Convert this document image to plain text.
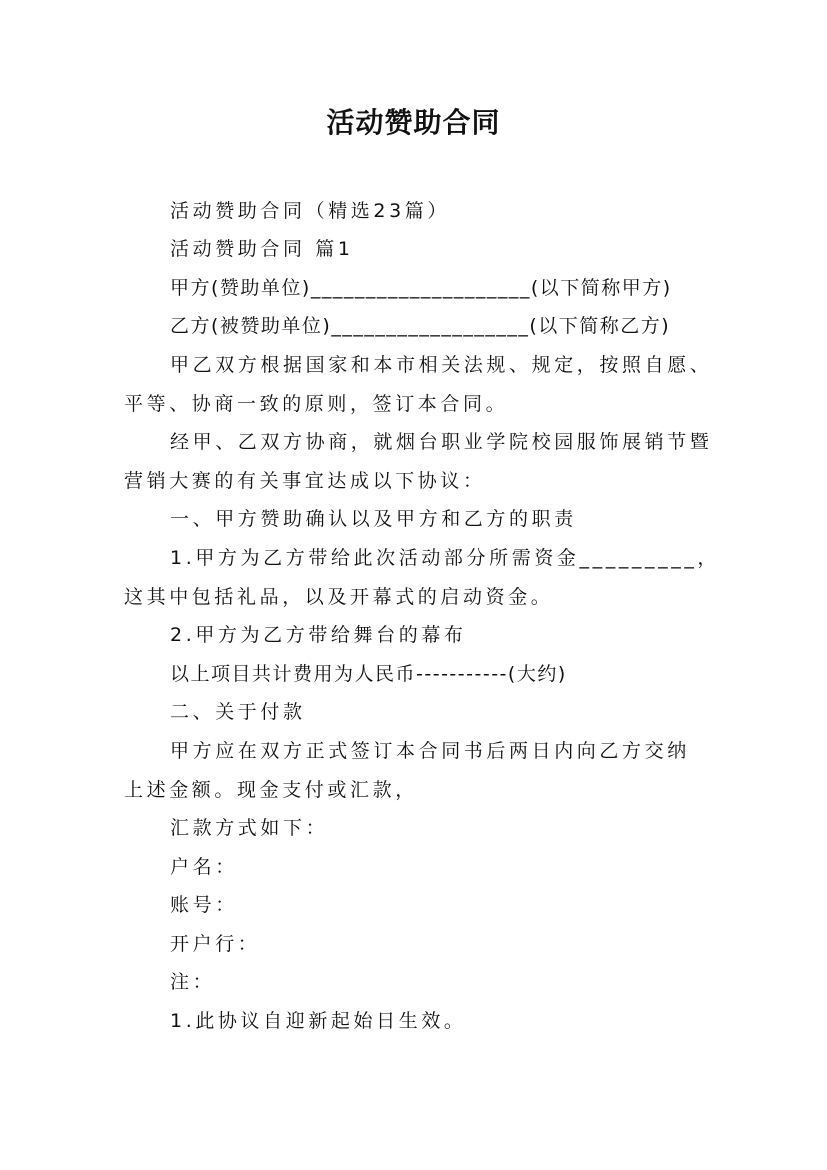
活动赞助合同
活动赞助合同（精选23篇）
活动赞助合同 篇1
甲方(赞助单位)____________________(以下简称甲方)
乙方(被赞助单位)__________________(以下简称乙方)
甲乙双方根据国家和本市相关法规、规定，按照自愿、
平等、协商一致的原则，签订本合同。
经甲、乙双方协商，就烟台职业学院校园服饰展销节暨
营销大赛的有关事宜达成以下协议：
一、甲方赞助确认以及甲方和乙方的职责
1.甲方为乙方带给此次活动部分所需资金_________，
这其中包括礼品，以及开幕式的启动资金。
2.甲方为乙方带给舞台的幕布
以上项目共计费用为人民币-----------(大约)
二、关于付款
甲方应在双方正式签订本合同书后两日内向乙方交纳
上述金额。现金支付或汇款，
汇款方式如下：
户名：
账号：
开户行：
注：
1.此协议自迎新起始日生效。
